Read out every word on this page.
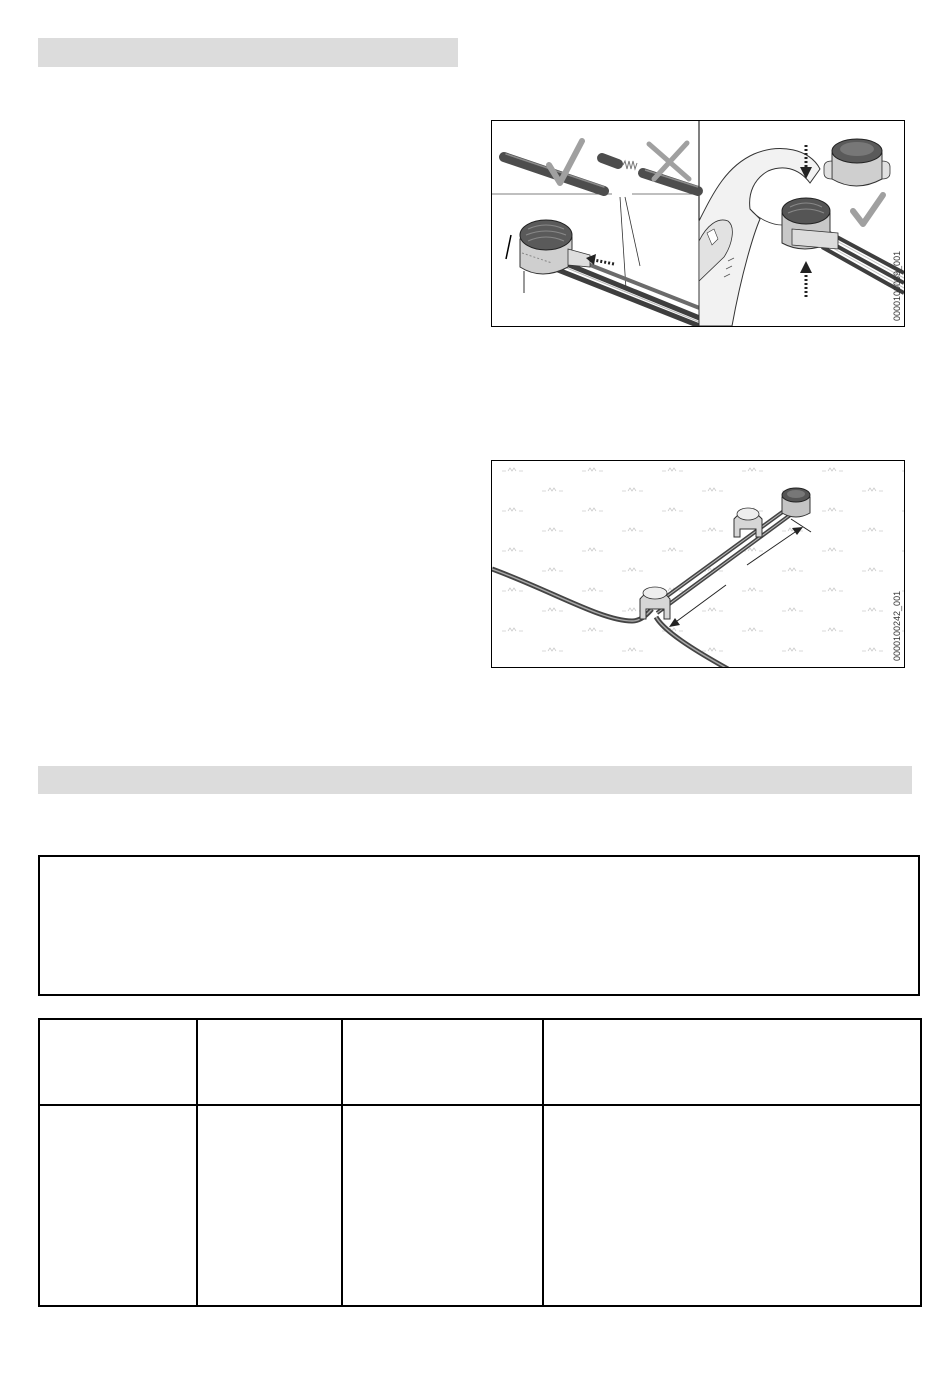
0000100089_001
0000100242_001
